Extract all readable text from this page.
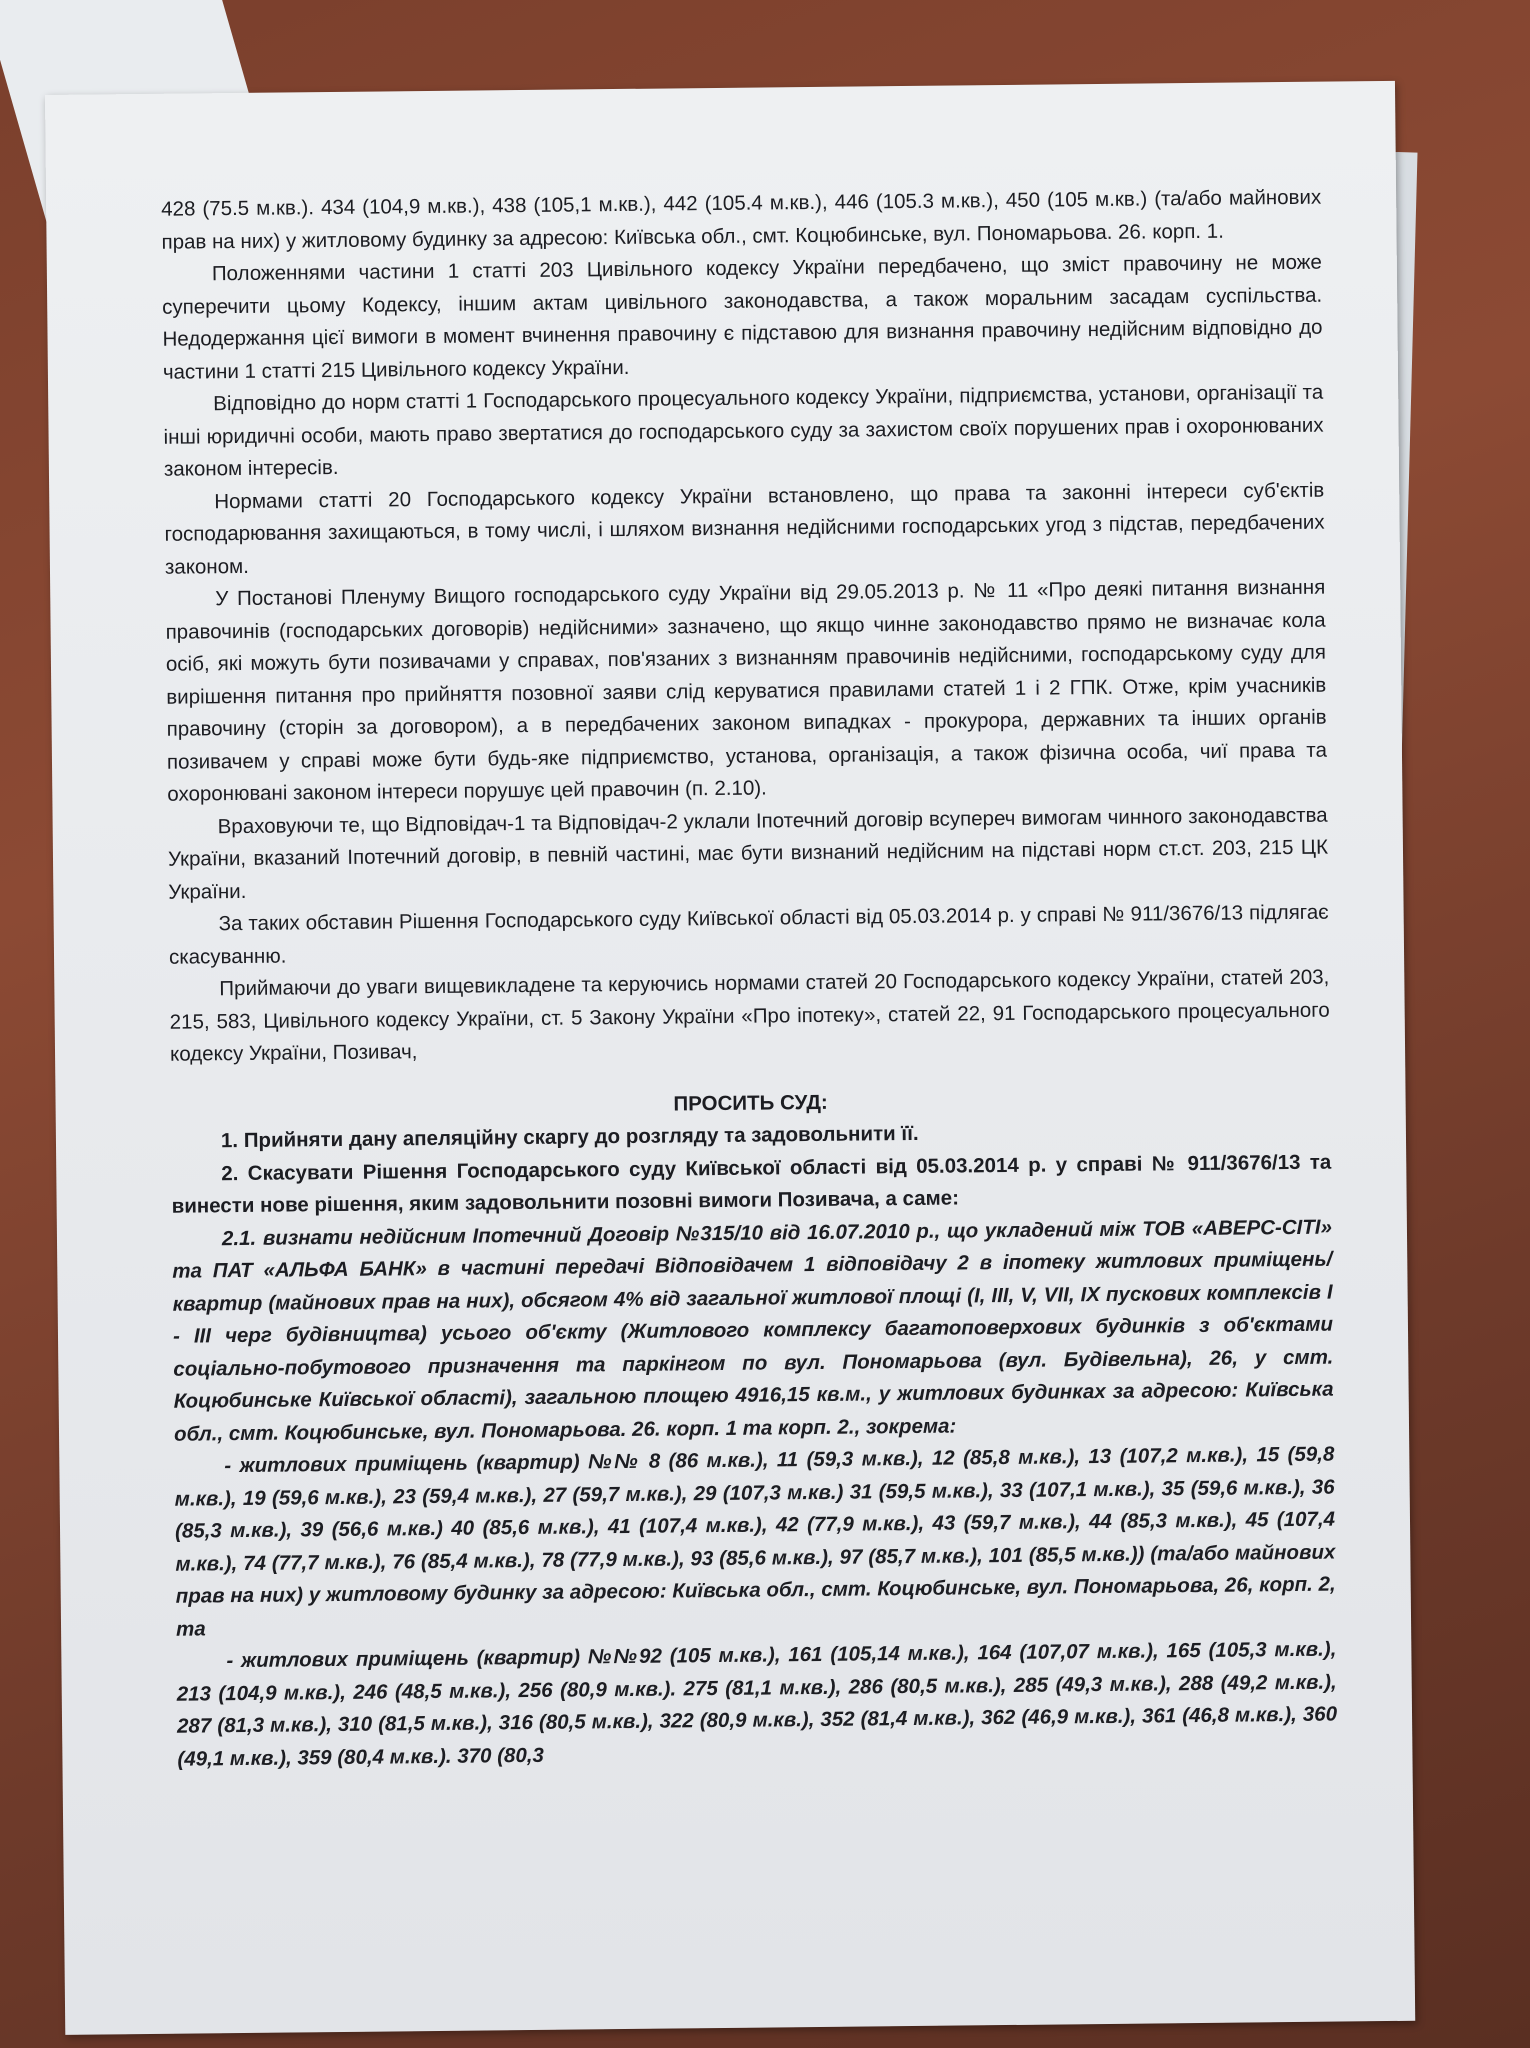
428 (75.5 м.кв.). 434 (104,9 м.кв.), 438 (105,1 м.кв.), 442 (105.4 м.кв.), 446 (105.3 м.кв.), 450 (105 м.кв.) (та/або майнових прав на них) у житловому будинку за адресою: Київська обл., смт. Коцюбинське, вул. Пономарьова. 26. корп. 1.

Положеннями частини 1 статті 203 Цивільного кодексу України передбачено, що зміст правочину не може суперечити цьому Кодексу, іншим актам цивільного законодавства, а також моральним засадам суспільства. Недодержання цієї вимоги в момент вчинення правочину є підставою для визнання правочину недійсним відповідно до частини 1 статті 215 Цивільного кодексу України.

Відповідно до норм статті 1 Господарського процесуального кодексу України, підприємства, установи, організації та інші юридичні особи, мають право звертатися до господарського суду за захистом своїх порушених прав і охоронюваних законом інтересів.

Нормами статті 20 Господарського кодексу України встановлено, що права та законні інтереси суб'єктів господарювання захищаються, в тому числі, і шляхом визнання недійсними господарських угод з підстав, передбачених законом.

У Постанові Пленуму Вищого господарського суду України від 29.05.2013 р. № 11 «Про деякі питання визнання правочинів (господарських договорів) недійсними» зазначено, що якщо чинне законодавство прямо не визначає кола осіб, які можуть бути позивачами у справах, пов'язаних з визнанням правочинів недійсними, господарському суду для вирішення питання про прийняття позовної заяви слід керуватися правилами статей 1 і 2 ГПК. Отже, крім учасників правочину (сторін за договором), а в передбачених законом випадках - прокурора, державних та інших органів позивачем у справі може бути будь-яке підприємство, установа, організація, а також фізична особа, чиї права та охоронювані законом інтереси порушує цей правочин (п. 2.10).

Враховуючи те, що Відповідач-1 та Відповідач-2 уклали Іпотечний договір всупереч вимогам чинного законодавства України, вказаний Іпотечний договір, в певній частині, має бути визнаний недійсним на підставі норм ст.ст. 203, 215 ЦК України.

За таких обставин Рішення Господарського суду Київської області від 05.03.2014 р. у справі № 911/3676/13 підлягає скасуванню.

Приймаючи до уваги вищевикладене та керуючись нормами статей 20 Господарського кодексу України, статей 203, 215, 583, Цивільного кодексу України, ст. 5 Закону України «Про іпотеку», статей 22, 91 Господарського процесуального кодексу України, Позивач,

ПРОСИТЬ СУД:

1. Прийняти дану апеляційну скаргу до розгляду та задовольнити її.

2. Скасувати Рішення Господарського суду Київської області від 05.03.2014 р. у справі № 911/3676/13 та винести нове рішення, яким задовольнити позовні вимоги Позивача, а саме:

2.1. визнати недійсним Іпотечний Договір №315/10 від 16.07.2010 р., що укладений між ТОВ «АВЕРС-СІТІ» та ПАТ «АЛЬФА БАНК» в частині передачі Відповідачем 1 відповідачу 2 в іпотеку житлових приміщень/квартир (майнових прав на них), обсягом 4% від загальної житлової площі (I, III, V, VII, IX пускових комплексів I - III черг будівництва) усього об'єкту (Житлового комплексу багатоповерхових будинків з об'єктами соціально-побутового призначення та паркінгом по вул. Пономарьова (вул. Будівельна), 26, у смт. Коцюбинське Київської області), загальною площею 4916,15 кв.м., у житлових будинках за адресою: Київська обл., смт. Коцюбинське, вул. Пономарьова. 26. корп. 1 та корп. 2., зокрема:

- житлових приміщень (квартир) №№ 8 (86 м.кв.), 11 (59,3 м.кв.), 12 (85,8 м.кв.), 13 (107,2 м.кв.), 15 (59,8 м.кв.), 19 (59,6 м.кв.), 23 (59,4 м.кв.), 27 (59,7 м.кв.), 29 (107,3 м.кв.) 31 (59,5 м.кв.), 33 (107,1 м.кв.), 35 (59,6 м.кв.), 36 (85,3 м.кв.), 39 (56,6 м.кв.) 40 (85,6 м.кв.), 41 (107,4 м.кв.), 42 (77,9 м.кв.), 43 (59,7 м.кв.), 44 (85,3 м.кв.), 45 (107,4 м.кв.), 74 (77,7 м.кв.), 76 (85,4 м.кв.), 78 (77,9 м.кв.), 93 (85,6 м.кв.), 97 (85,7 м.кв.), 101 (85,5 м.кв.)) (та/або майнових прав на них) у житловому будинку за адресою: Київська обл., смт. Коцюбинське, вул. Пономарьова, 26, корп. 2, та

- житлових приміщень (квартир) №№92 (105 м.кв.), 161 (105,14 м.кв.), 164 (107,07 м.кв.), 165 (105,3 м.кв.), 213 (104,9 м.кв.), 246 (48,5 м.кв.), 256 (80,9 м.кв.). 275 (81,1 м.кв.), 286 (80,5 м.кв.), 285 (49,3 м.кв.), 288 (49,2 м.кв.), 287 (81,3 м.кв.), 310 (81,5 м.кв.), 316 (80,5 м.кв.), 322 (80,9 м.кв.), 352 (81,4 м.кв.), 362 (46,9 м.кв.), 361 (46,8 м.кв.), 360 (49,1 м.кв.), 359 (80,4 м.кв.). 370 (80,3
